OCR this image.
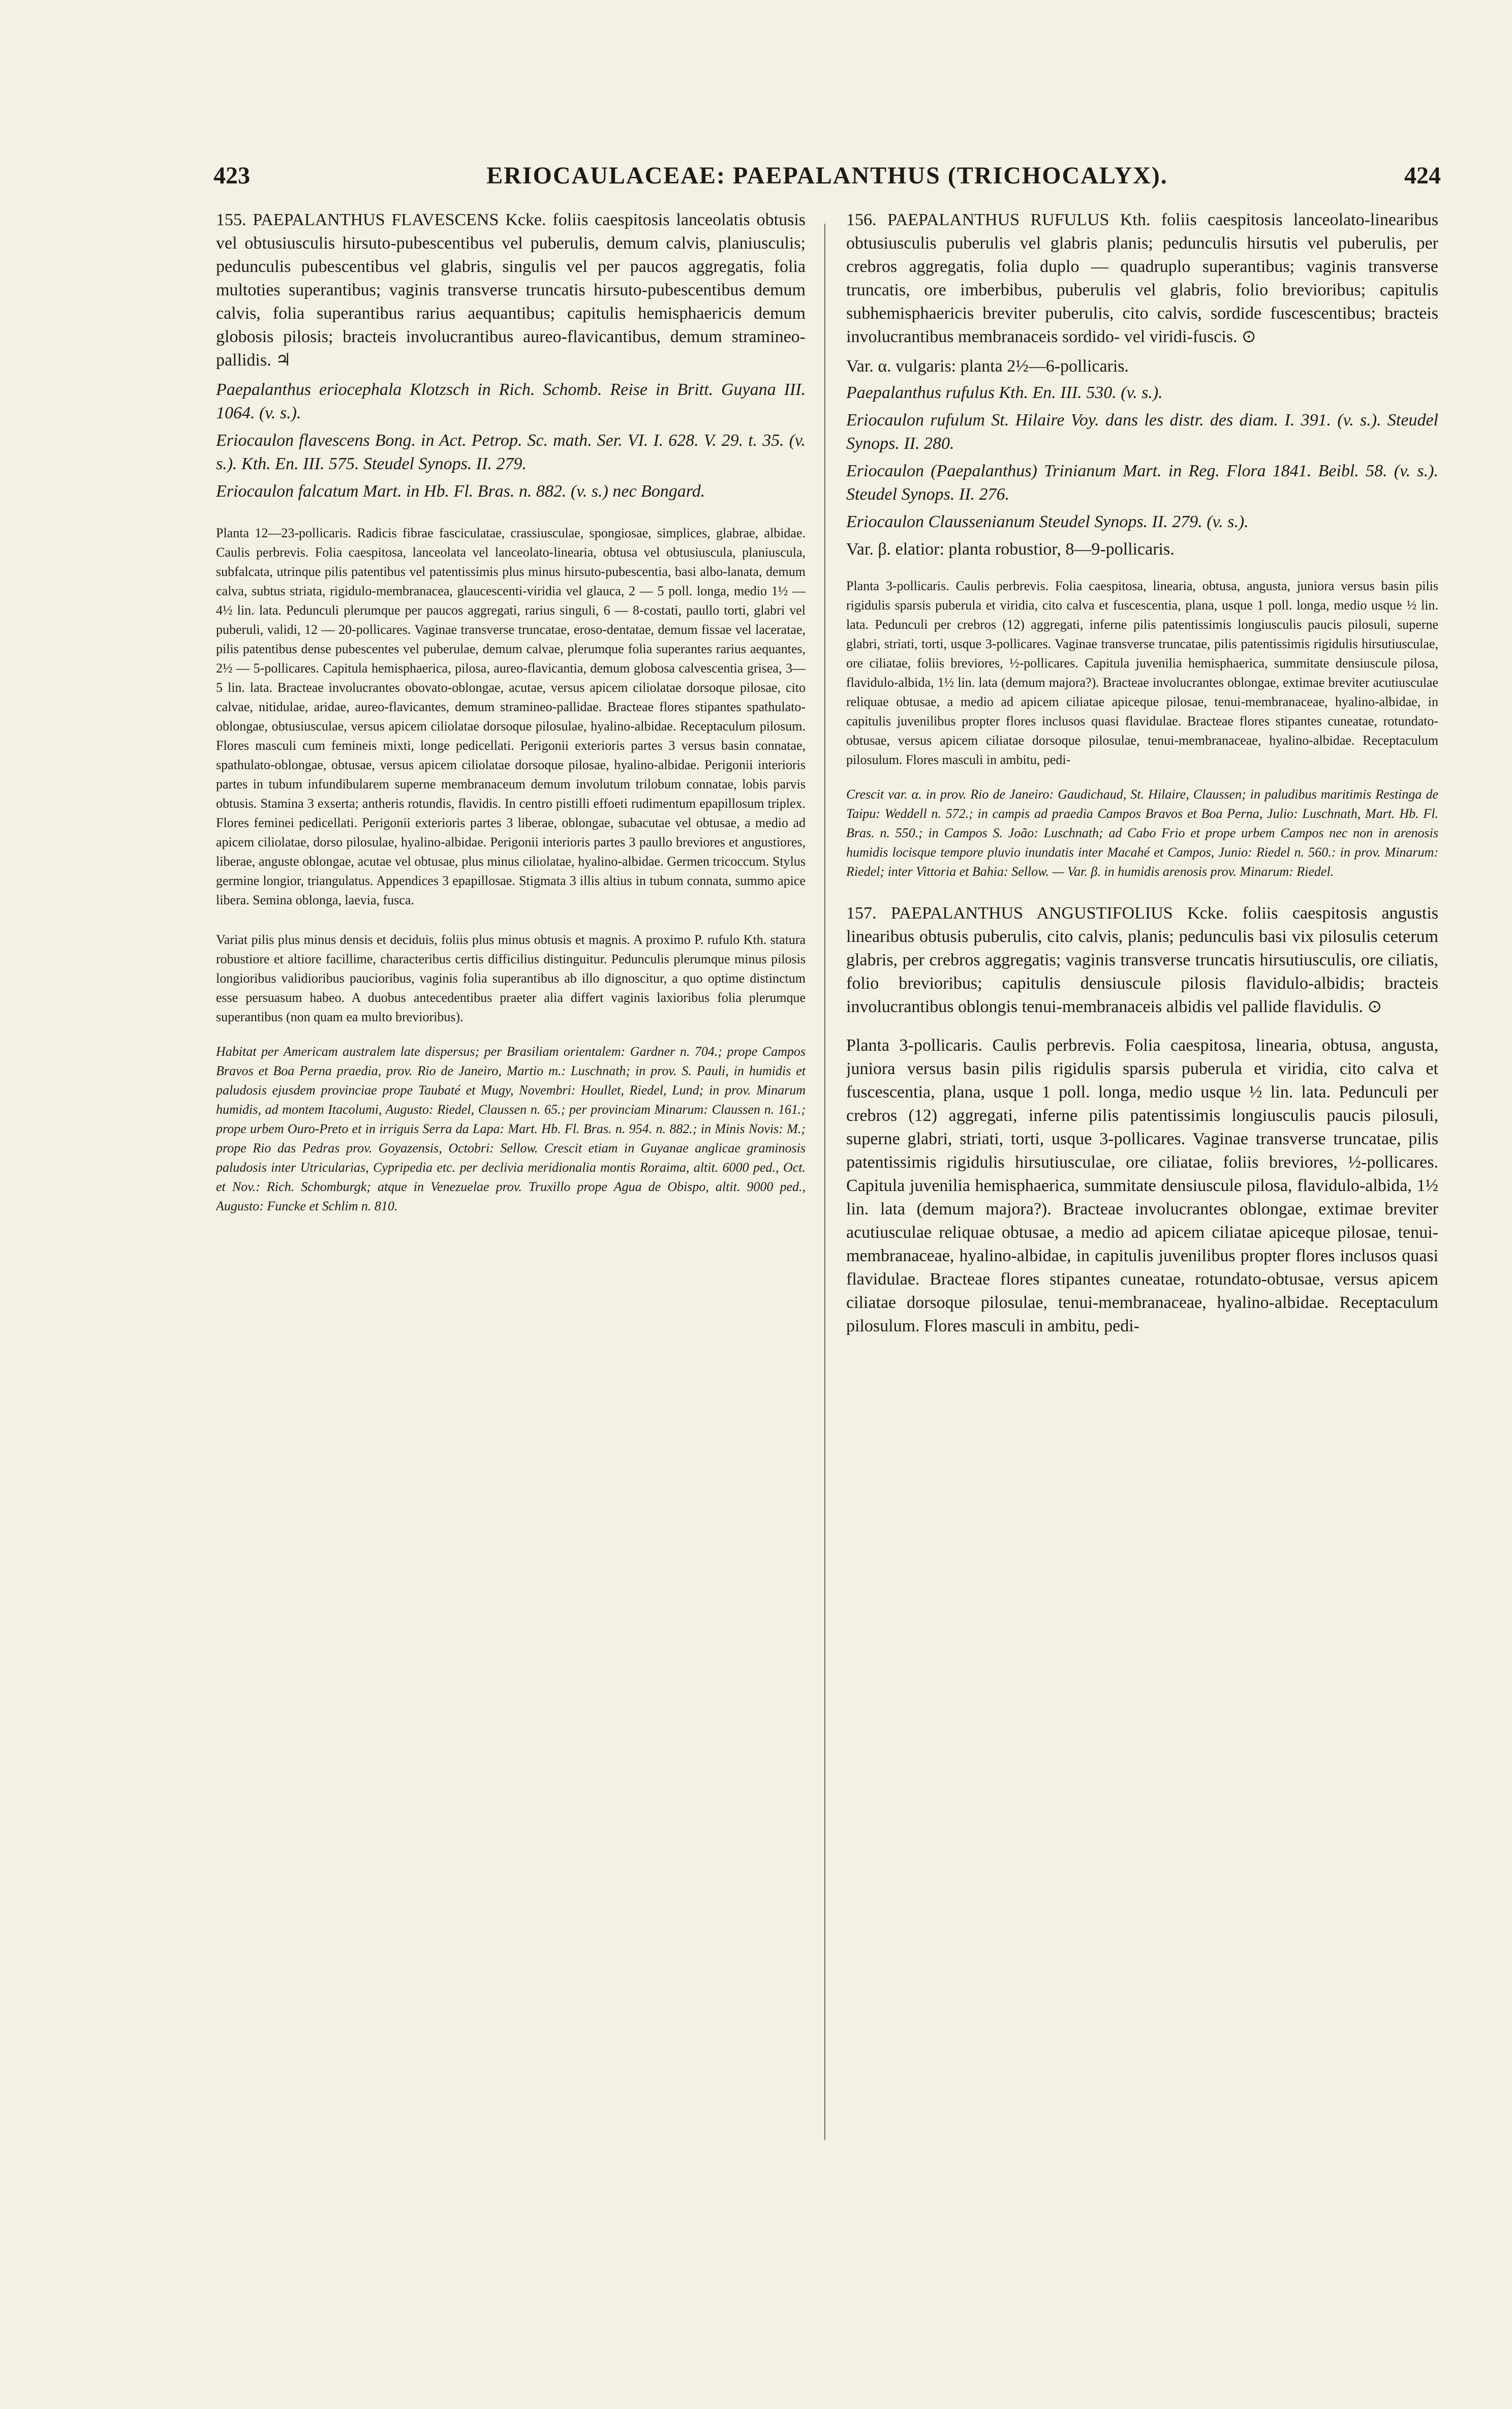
423	ERIOCAULACEAE: PAEPALANTHUS (TRICHOCALYX).	424

155. PAEPALANTHUS FLAVESCENS Kcke. foliis caespitosis lanceolatis obtusis vel obtusiusculis hirsuto-pubescentibus vel puberulis, demum calvis, planiusculis; pedunculis pubescentibus vel glabris, singulis vel per paucos aggregatis, folia multoties superantibus; vaginis transverse truncatis hirsuto-pubescentibus demum calvis, folia superantibus rarius aequantibus; capitulis hemisphaericis demum globosis pilosis; bracteis involucrantibus aureo-flavicantibus, demum stramineo-pallidis. ♃

Paepalanthus eriocephala Klotzsch in Rich. Schomb. Reise in Britt. Guyana III. 1064. (v. s.).

Eriocaulon flavescens Bong. in Act. Petrop. Sc. math. Ser. VI. I. 628. V. 29. t. 35. (v. s.). Kth. En. III. 575. Steudel Synops. II. 279.

Eriocaulon falcatum Mart. in Hb. Fl. Bras. n. 882. (v. s.) nec Bongard.

Planta 12—23-pollicaris. Radicis fibrae fasciculatae, crassiusculae, spongiosae, simplices, glabrae, albidae. Caulis perbrevis. Folia caespitosa, lanceolata vel lanceolato-linearia, obtusa vel obtusiuscula, planiuscula, subfalcata, utrinque pilis patentibus vel patentissimis plus minus hirsuto-pubescentia, basi albo-lanata, demum calva, subtus striata, rigidulo-membranacea, glaucescenti-viridia vel glauca, 2 — 5 poll. longa, medio 1½ — 4½ lin. lata. Pedunculi plerumque per paucos aggregati, rarius singuli, 6 — 8-costati, paullo torti, glabri vel puberuli, validi, 12 — 20-pollicares. Vaginae transverse truncatae, eroso-dentatae, demum fissae vel laceratae, pilis patentibus dense pubescentes vel puberulae, demum calvae, plerumque folia superantes rarius aequantes, 2½ — 5-pollicares. Capitula hemisphaerica, pilosa, aureo-flavicantia, demum globosa calvescentia grisea, 3—5 lin. lata. Bracteae involucrantes obovato-oblongae, acutae, versus apicem ciliolatae dorsoque pilosae, cito calvae, nitidulae, aridae, aureo-flavicantes, demum stramineo-pallidae. Bracteae flores stipantes spathulato-oblongae, obtusiusculae, versus apicem ciliolatae dorsoque pilosulae, hyalino-albidae. Receptaculum pilosum. Flores masculi cum femineis mixti, longe pedicellati. Perigonii exterioris partes 3 versus basin connatae, spathulato-oblongae, obtusae, versus apicem ciliolatae dorsoque pilosae, hyalino-albidae. Perigonii interioris partes in tubum infundibularem superne membranaceum demum involutum trilobum connatae, lobis parvis obtusis. Stamina 3 exserta; antheris rotundis, flavidis. In centro pistilli effoeti rudimentum epapillosum triplex. Flores feminei pedicellati. Perigonii exterioris partes 3 liberae, oblongae, subacutae vel obtusae, a medio ad apicem ciliolatae, dorso pilosulae, hyalino-albidae. Perigonii interioris partes 3 paullo breviores et angustiores, liberae, anguste oblongae, acutae vel obtusae, plus minus ciliolatae, hyalino-albidae. Germen tricoccum. Stylus germine longior, triangulatus. Appendices 3 epapillosae. Stigmata 3 illis altius in tubum connata, summo apice libera. Semina oblonga, laevia, fusca.

Variat pilis plus minus densis et deciduis, foliis plus minus obtusis et magnis. A proximo P. rufulo Kth. statura robustiore et altiore facillime, characteribus certis difficilius distinguitur. Pedunculis plerumque minus pilosis longioribus validioribus paucioribus, vaginis folia superantibus ab illo dignoscitur, a quo optime distinctum esse persuasum habeo. A duobus antecedentibus praeter alia differt vaginis laxioribus folia plerumque superantibus (non quam ea multo brevioribus).

Habitat per Americam australem late dispersus; per Brasiliam orientalem: Gardner n. 704.; prope Campos Bravos et Boa Perna praedia, prov. Rio de Janeiro, Martio m.: Luschnath; in prov. S. Pauli, in humidis et paludosis ejusdem provinciae prope Taubaté et Mugy, Novembri: Houllet, Riedel, Lund; in prov. Minarum humidis, ad montem Itacolumi, Augusto: Riedel, Claussen n. 65.; per provinciam Minarum: Claussen n. 161.; prope urbem Ouro-Preto et in irriguis Serra da Lapa: Mart. Hb. Fl. Bras. n. 954. n. 882.; in Minis Novis: M.; prope Rio das Pedras prov. Goyazensis, Octobri: Sellow. Crescit etiam in Guyanae anglicae graminosis paludosis inter Utricularias, Cypripedia etc. per declivia meridionalia montis Roraima, altit. 6000 ped., Oct. et Nov.: Rich. Schomburgk; atque in Venezuelae prov. Truxillo prope Agua de Obispo, altit. 9000 ped., Augusto: Funcke et Schlim n. 810.

156. PAEPALANTHUS RUFULUS Kth. foliis caespitosis lanceolato-linearibus obtusiusculis puberulis vel glabris planis; pedunculis hirsutis vel puberulis, per crebros aggregatis, folia duplo — quadruplo superantibus; vaginis transverse truncatis, ore imberbibus, puberulis vel glabris, folio brevioribus; capitulis subhemisphaericis breviter puberulis, cito calvis, sordide fuscescentibus; bracteis involucrantibus membranaceis sordido- vel viridi-fuscis. ⊙

Var. α. vulgaris: planta 2½—6-pollicaris.

Paepalanthus rufulus Kth. En. III. 530. (v. s.).

Eriocaulon rufulum St. Hilaire Voy. dans les distr. des diam. I. 391. (v. s.). Steudel Synops. II. 280.

Eriocaulon (Paepalanthus) Trinianum Mart. in Reg. Flora 1841. Beibl. 58. (v. s.). Steudel Synops. II. 276.

Eriocaulon Claussenianum Steudel Synops. II. 279. (v. s.).

Var. β. elatior: planta robustior, 8—9-pollicaris.

Planta 3-pollicaris. Caulis perbrevis. Folia caespitosa, linearia, obtusa, angusta, juniora versus basin pilis rigidulis sparsis puberula et viridia, cito calva et fuscescentia, plana, usque 1 poll. longa, medio usque ½ lin. lata. Pedunculi per crebros (12) aggregati, inferne pilis patentissimis longiusculis paucis pilosuli, superne glabri, striati, torti, usque 3-pollicares. Vaginae transverse truncatae, pilis patentissimis rigidulis hirsutiusculae, ore ciliatae, foliis breviores, ½-pollicares. Capitula juvenilia hemisphaerica, summitate densiuscule pilosa, flavidulo-albida, 1½ lin. lata (demum majora?). Bracteae involucrantes oblongae, extimae breviter acutiusculae reliquae obtusae, a medio ad apicem ciliatae apiceque pilosae, tenui-membranaceae, hyalino-albidae, in capitulis juvenilibus propter flores inclusos quasi flavidulae. Bracteae flores stipantes cuneatae, rotundato-obtusae, versus apicem ciliatae dorsoque pilosulae, tenui-membranaceae, hyalino-albidae. Receptaculum pilosulum. Flores masculi in ambitu, pedi-

Crescit var. α. in prov. Rio de Janeiro: Gaudichaud, St. Hilaire, Claussen; in paludibus maritimis Restinga de Taipu: Weddell n. 572.; in campis ad praedia Campos Bravos et Boa Perna, Julio: Luschnath, Mart. Hb. Fl. Bras. n. 550.; in Campos S. João: Luschnath; ad Cabo Frio et prope urbem Campos nec non in arenosis humidis locisque tempore pluvio inundatis inter Macahé et Campos, Junio: Riedel n. 560.: in prov. Minarum: Riedel; inter Vittoria et Bahia: Sellow. — Var. β. in humidis arenosis prov. Minarum: Riedel.

157. PAEPALANTHUS ANGUSTIFOLIUS Kcke. foliis caespitosis angustis linearibus obtusis puberulis, cito calvis, planis; pedunculis basi vix pilosulis ceterum glabris, per crebros aggregatis; vaginis transverse truncatis hirsutiusculis, ore ciliatis, folio brevioribus; capitulis densiuscule pilosis flavidulo-albidis; bracteis involucrantibus oblongis tenui-membranaceis albidis vel pallide flavidulis. ⊙

Planta 3-pollicaris. Caulis perbrevis. Folia caespitosa, linearia, obtusa, angusta, juniora versus basin pilis rigidulis sparsis puberula et viridia, cito calva et fuscescentia, plana, usque 1 poll. longa, medio usque ½ lin. lata. Pedunculi per crebros (12) aggregati, inferne pilis patentissimis longiusculis paucis pilosuli, superne glabri, striati, torti, usque 3-pollicares. Vaginae transverse truncatae, pilis patentissimis rigidulis hirsutiusculae, ore ciliatae, foliis breviores, ½-pollicares. Capitula juvenilia hemisphaerica, summitate densiuscule pilosa, flavidulo-albida, 1½ lin. lata (demum majora?). Bracteae involucrantes oblongae, extimae breviter acutiusculae reliquae obtusae, a medio ad apicem ciliatae apiceque pilosae, tenui-membranaceae, hyalino-albidae, in capitulis juvenilibus propter flores inclusos quasi flavidulae. Bracteae flores stipantes cuneatae, rotundato-obtusae, versus apicem ciliatae dorsoque pilosulae, tenui-membranaceae, hyalino-albidae. Receptaculum pilosulum. Flores masculi in ambitu, pedi-
